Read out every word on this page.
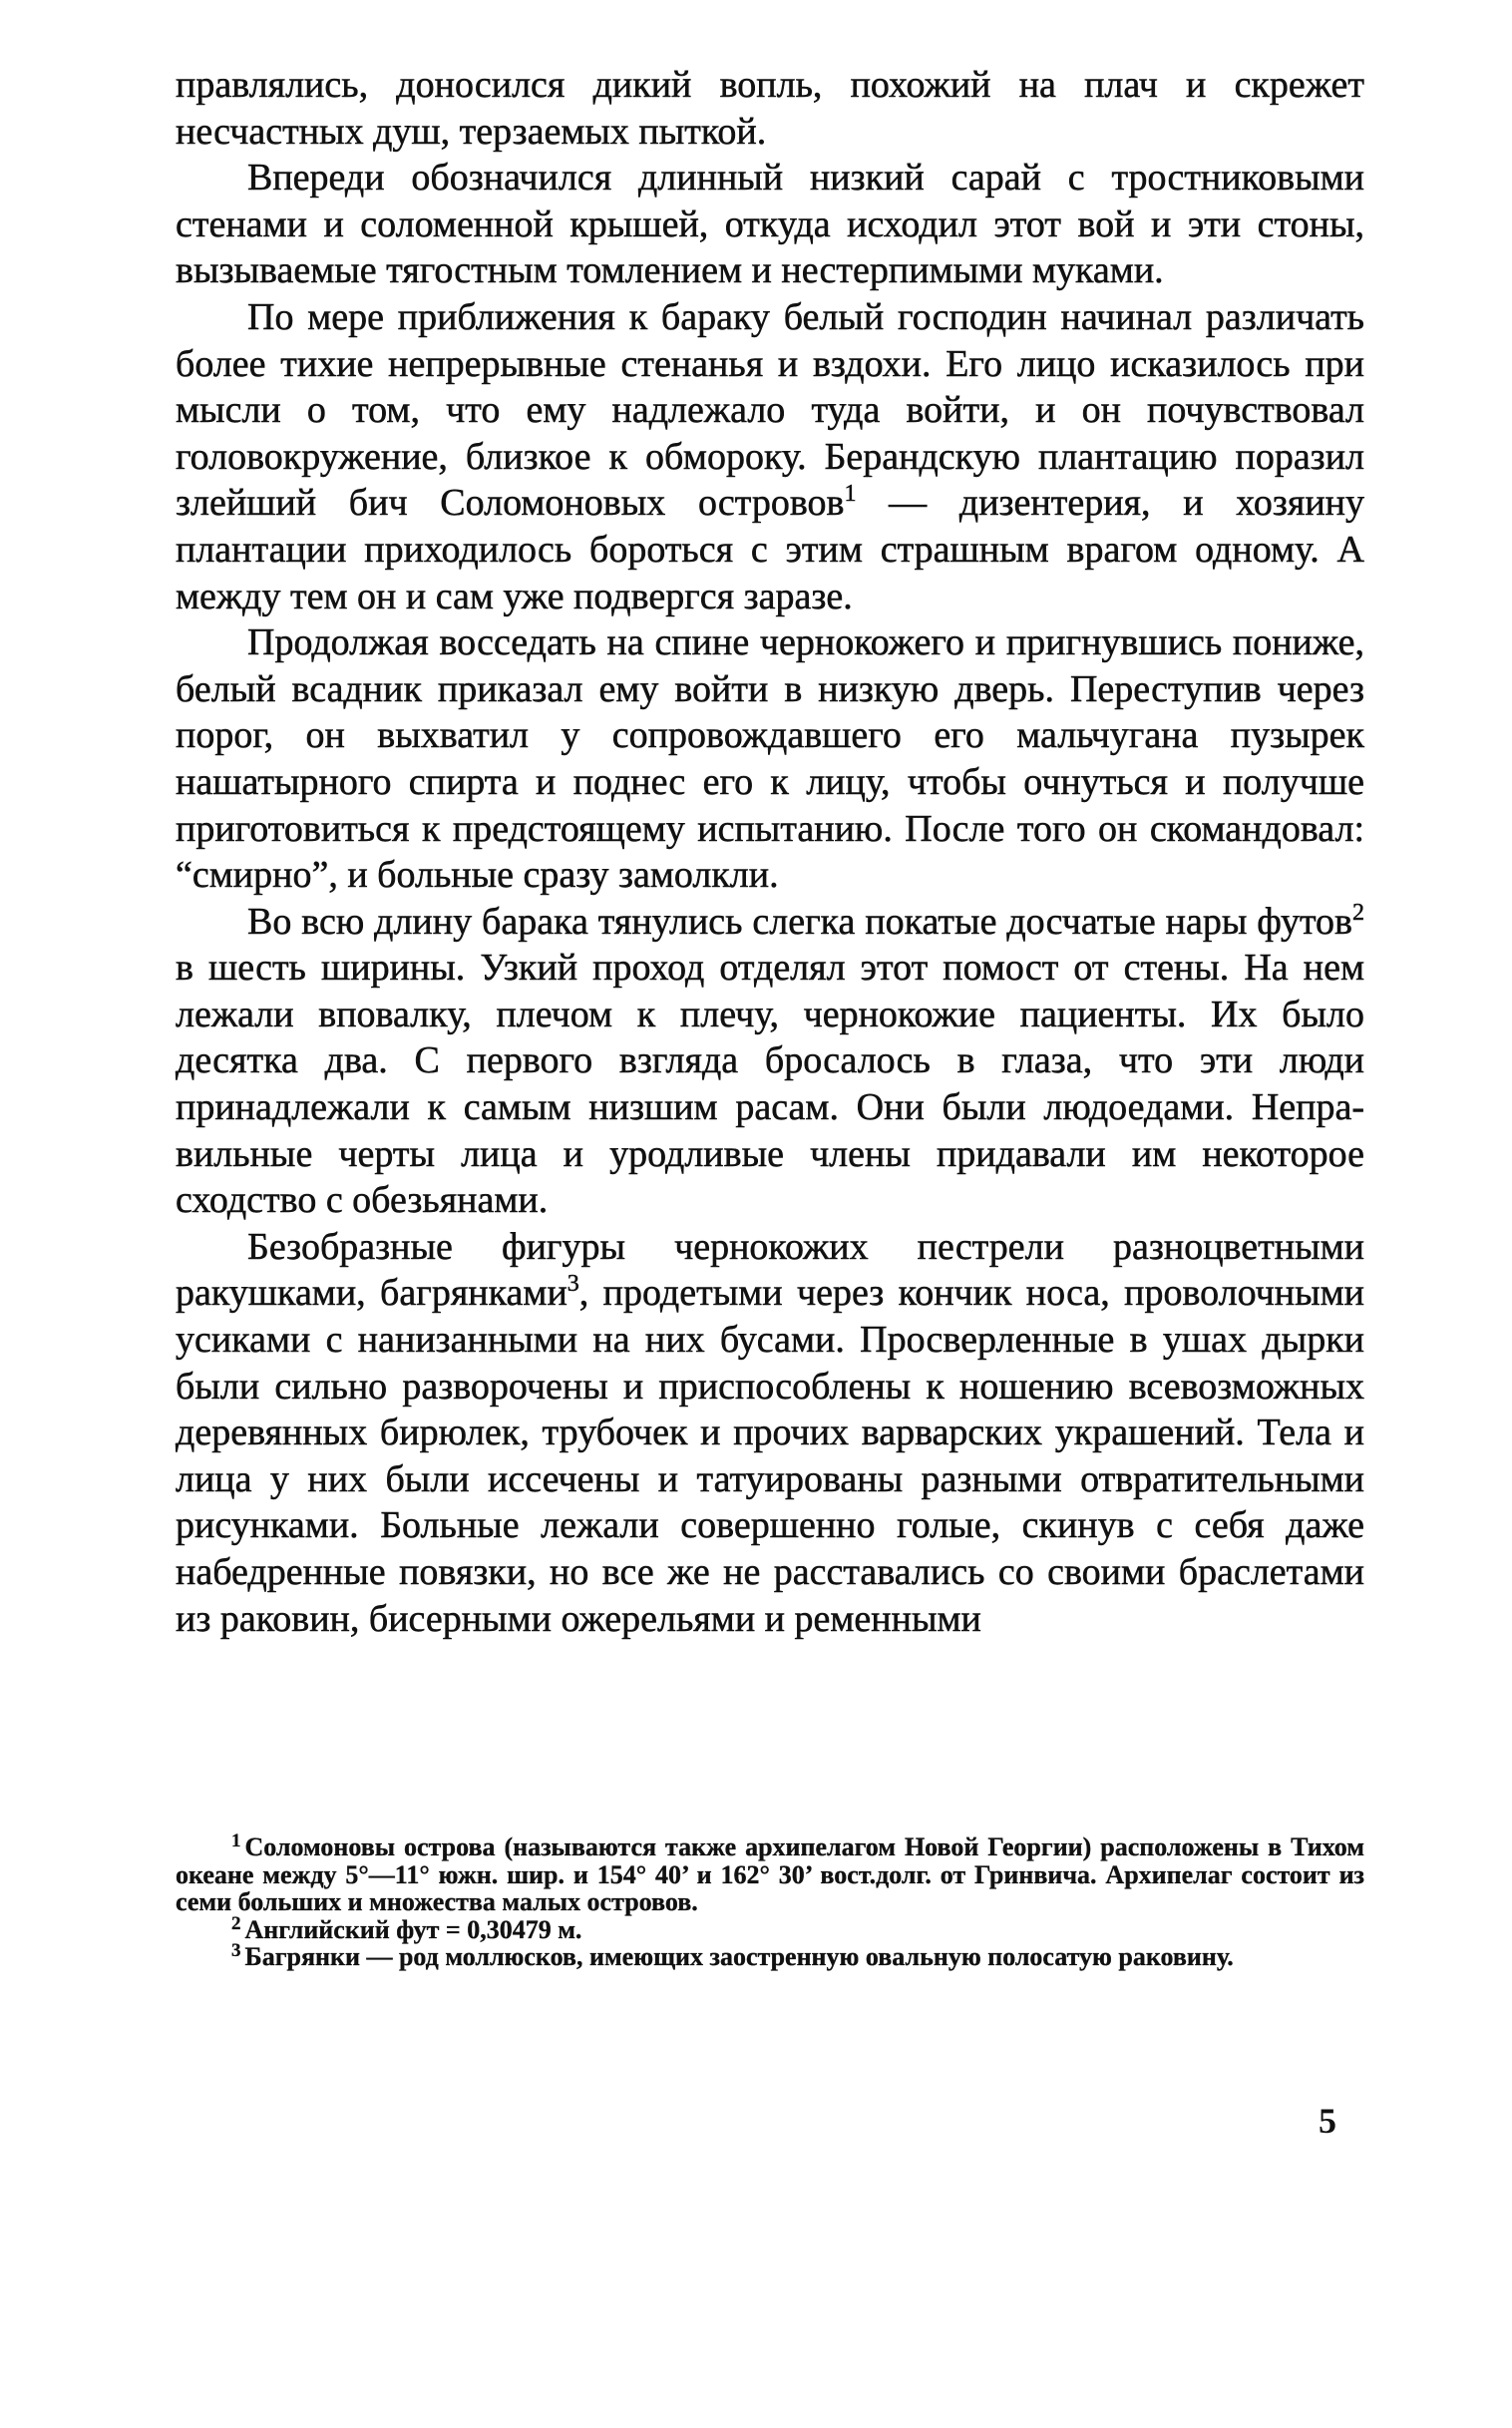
правлялись, доносился дикий вопль, похожий на плач и скрежет несчастных душ, терзаемых пыткой.

Впереди обозначился длинный низкий сарай с тростниковыми стенами и соломенной крышей, откуда исходил этот вой и эти стоны, вызываемые тягостным томлением и нестерпимыми муками.

По мере приближения к бараку белый господин начинал различать более тихие непрерывные стенанья и вздохи. Его лицо исказилось при мысли о том, что ему надлежало туда войти, и он почувствовал головокружение, близкое к обмороку. Берандскую плантацию поразил злейший бич Соломоновых островов$^1$ — дизентерия, и хозяину плантации приходилось бороться с этим страшным врагом одному. А между тем он и сам уже подвергся заразе.

Продолжая восседать на спине чернокожего и пригнувшись пониже, белый всадник приказал ему войти в низкую дверь. Переступив через порог, он выхватил у сопровождавшего его мальчугана пузырек нашатырного спирта и поднес его к лицу, чтобы очнуться и получше приготовиться к предстоящему испытанию. После того он скомандовал: “смирно”, и больные сразу замолкли.

Во всю длину барака тянулись слегка покатые досчатые нары футов$^2$ в шесть ширины. Узкий проход отделял этот помост от стены. На нем лежали вповалку, плечом к плечу, чернокожие пациенты. Их было десятка два. С первого взгляда бросалось в глаза, что эти люди принадлежали к самым низшим расам. Они были людоедами. Неправильные черты лица и уродливые члены придавали им некоторое сходство с обезьянами.

Безобразные фигуры чернокожих пестрели разноцветными ракушками, багрянками$^3$, продетыми через кончик носа, проволочными усиками с нанизанными на них бусами. Просверленные в ушах дырки были сильно разворочены и приспособлены к ношению всевозможных деревянных бирюлек, трубочек и прочих варварских украшений. Тела и лица у них были иссечены и татуированы разными отвратительными рисунками. Больные лежали совершенно голые, скинув с себя даже набедренные повязки, но все же не расставались со своими браслетами из раковин, бисерными ожерельями и ременными

$^1$ Соломоновы острова (называются также архипелагом Новой Георгии) расположены в Тихом океане между 5°—11° южн. шир. и 154° 40’ и 162° 30’ вост.долг. от Гринвича. Архипелаг состоит из семи больших и множества малых островов.

$^2$ Английский фут = 0,30479 м.

$^3$ Багрянки — род моллюсков, имеющих заостренную овальную полосатую раковину.

5
